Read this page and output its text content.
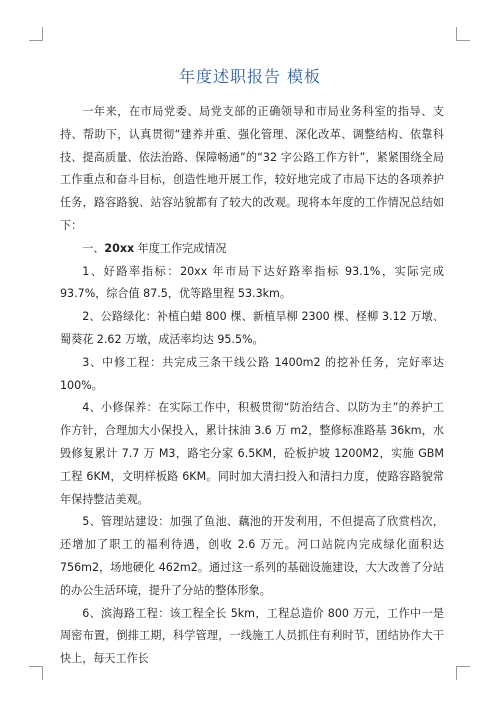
年度述职报告 模板

一年来，在市局党委、局党支部的正确领导和市局业务科室的指导、支持、帮助下，认真贯彻“建养并重、强化管理、深化改革、调整结构、依靠科技、提高质量、依法治路、保障畅通”的“32 字公路工作方针”，紧紧围绕全局工作重点和奋斗目标，创造性地开展工作，较好地完成了市局下达的各项养护任务，路容路貌、站容站貌都有了较大的改观。现将本年度的工作情况总结如下：

一、20xx 年度工作完成情况

1、好路率指标：20xx 年市局下达好路率指标 93.1%，实际完成 93.7%，综合值 87.5，优等路里程 53.3km。

2、公路绿化：补植白蜡 800 棵、新植旱柳 2300 棵、柽柳 3.12 万墩、蜀葵花 2.62 万墩，成活率均达 95.5%。

3、中修工程：共完成三条干线公路 1400m2 的挖补任务，完好率达 100%。

4、小修保养：在实际工作中，积极贯彻“防治结合、以防为主”的养护工作方针，合理加大小保投入，累计抹油 3.6 万 m2，整修标准路基 36km，水毁修复累计 7.7 万 M3，路宅分家 6.5KM，砼板护坡 1200M2，实施 GBM 工程 6KM，文明样板路 6KM。同时加大清扫投入和清扫力度，使路容路貌常年保持整洁美观。

5、管理站建设：加强了鱼池、藕池的开发利用，不但提高了欣赏档次，还增加了职工的福利待遇，创收 2.6 万元。河口站院内完成绿化面积达 756m2，场地硬化 462m2。通过这一系列的基础设施建设，大大改善了分站的办公生活环境，提升了分站的整体形象。

6、滨海路工程：该工程全长 5km，工程总造价 800 万元，工作中一是周密布置，倒排工期，科学管理，一线施工人员抓住有利时节，团结协作大干快上，每天工作长
